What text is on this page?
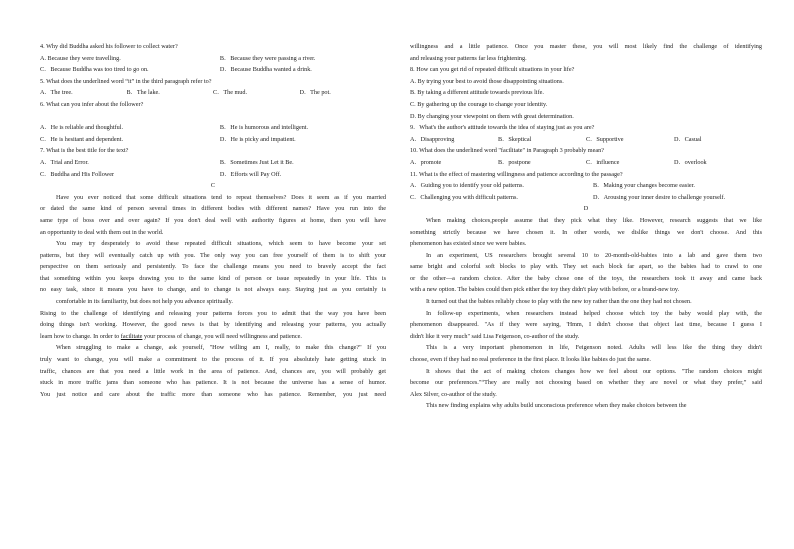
4. Why did Buddha asked his follower to collect water?
A. Because they were travelling.	B．Because they were passing a river.
C．Because Buddha was too tired to go on.	D．Because Buddha wanted a drink.
5. What does the underlined word “it” in the third paragraph refer to?
A．The tree.	B．The lake.	C．The mud.	D．The pot.
6. What can you infer about the follower?
A．He is reliable and thoughtful.	B．He is humorous and intelligent.
C．He is hesitant and dependent.	D．He is picky and impatient.
7. What is the best title for the text?
A．Trial and Error.	B．Sometimes Just Let it Be.
C．Buddha and His Follower	D．Efforts will Pay Off.
C
Have you ever noticed that some difficult situations tend to repeat themselves? Does it seem as if you married
or dated the same kind of person several times in different bodies with different names? Have you run into the
same type of boss over and over again? If you don't deal well with authority figures at home, then you will have
an opportunity to deal with them out in the world.
You may try desperately to avoid these repeated difficult situations, which seem to have become your set
patterns, but they will eventually catch up with you. The only way you can free yourself of them is to shift your
perspective on them seriously and persistently. To face the challenge means you need to bravely accept the fact
that something within you keeps drawing you to the same kind of person or issue repeatedly in your life. This is
no easy task, since it means you have to change, and to change is not always easy. Staying just as you certainly is
comfortable in its familiarity, but does not help you advance spiritually.
Rising to the challenge of identifying and releasing your patterns forces you to admit that the way you have been
doing things isn't working. However, the good news is that by identifying and releasing your patterns, you actually
learn how to change. In order to facilitate your process of change, you will need willingness and patience.
When struggling to make a change, ask yourself, "How willing am I, really, to make this change?" If you
truly want to change, you will make a commitment to the process of it. If you absolutely hate getting stuck in
traffic, chances are that you need a little work in the area of patience. And, chances are, you will probably get
stuck in more traffic jams than someone who has patience. It is not because the universe has a sense of humor.
You just notice and care about the traffic more than someone who has patience. Remember, you just need
willingness and a little patience. Once you master these, you will most likely find the challenge of identifying
and releasing your patterns far less frightening.
8. How can you get rid of repeated difficult situations in your life?
A. By trying your best to avoid those disappointing situations.
B. By taking a different attitude towards previous life.
C. By gathering up the courage to change your identity.
D. By changing your viewpoint on them with great determination.
9．What's the author's attitude towards the idea of staying just as you are?
A．Disapproving	B．Skeptical	C．Supportive	D．Casual
10. What does the underlined word "facilitate" in Paragraph 3 probably mean?
A．promote	B．postpone	C．influence	D．overlook
11. What is the effect of mastering willingness and patience according to the passage?
A．Guiding you to identify your old patterns.	B．Making your changes become easier.
C．Challenging you with difficult patterns.	D．Arousing your inner desire to challenge yourself.
D
When making choices,people assume that they pick what they like. However, research suggests that we like
something strictly because we have chosen it. In other words, we dislike things we don't choose. And this
phenomenon has existed since we were babies.
In an experiment, US researchers brought several 10 to 20-month-old-babies into a lab and gave them two
same bright and colorful soft blocks to play with. They set each block far apart, so the babies had to crawl to one
or the other—a random choice. After the baby chose one of the toys, the researchers took it away and came back
with a new option. The babies could then pick either the toy they didn't play with before, or a brand-new toy.
It turned out that the babies reliably chose to play with the new toy rather than the one they had not chosen.
In follow-up experiments, when researchers instead helped choose which toy the baby would play with, the
phenomenon disappeared. "As if they were saying, 'Hmm, I didn't choose that object last time, because I guess I
didn't like it very much" said Lisa Feigenson, co-author of the study.
This is a very important phenomenon in life, Feigenson noted. Adults will less like the thing they didn't
choose, even if they had no real preference in the first place. It looks like babies do just the same.
It shows that the act of making choices changes how we feel about our options. "The random choices might
become our preferences."“They are really not choosing based on whether they are novel or what they prefer,” said
Alex Silver, co-author of the study.
This new finding explains why adults build unconscious preference when they make choices between the
